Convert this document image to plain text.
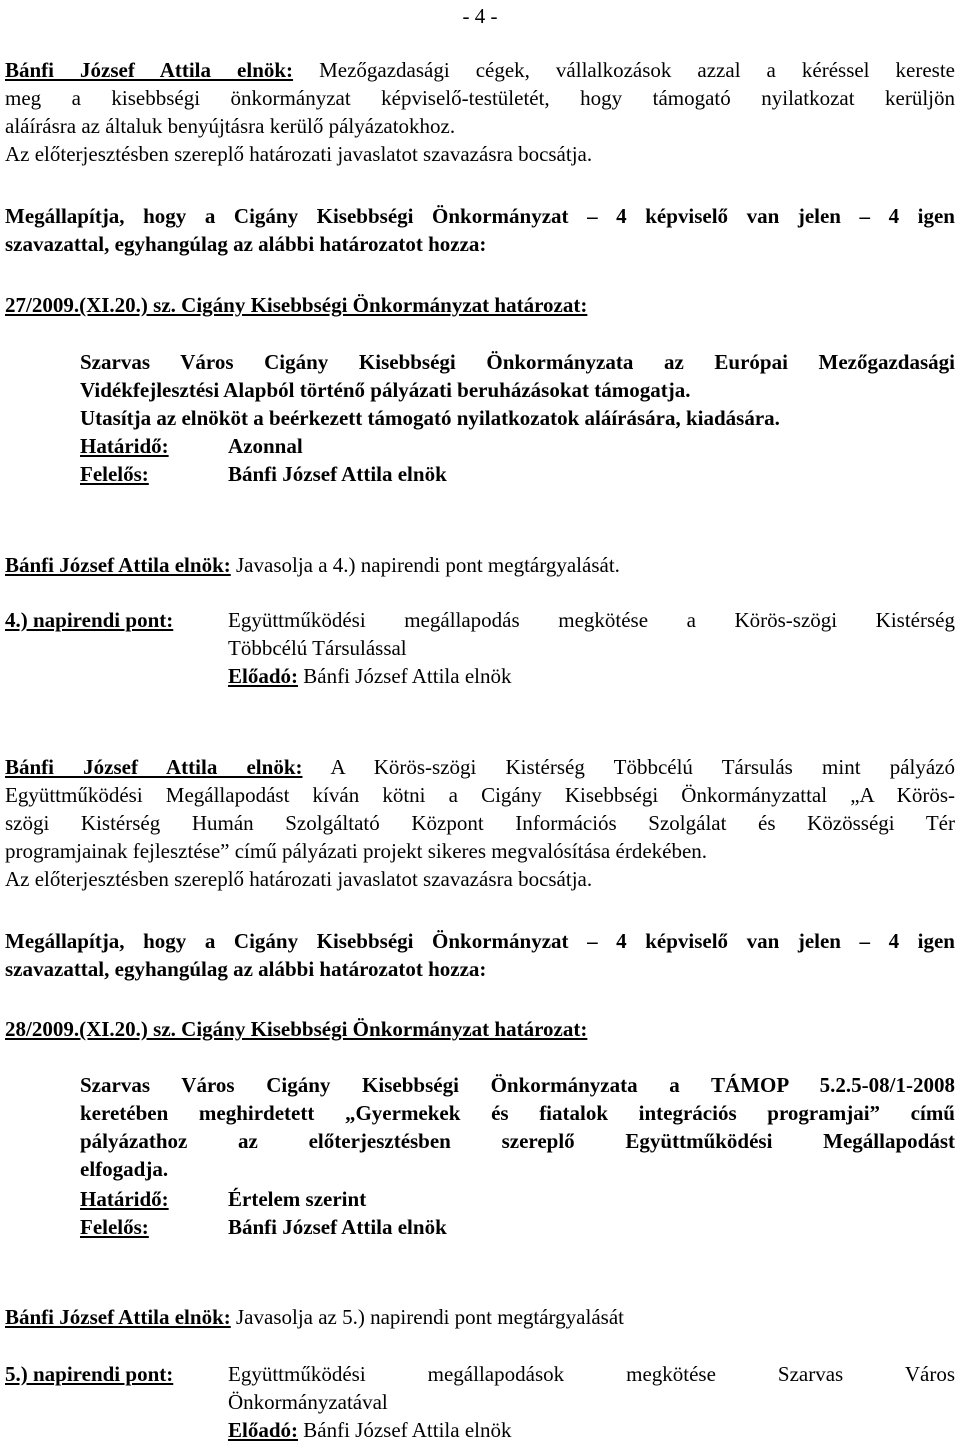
- 4 -
Bánfi József Attila elnök: Mezőgazdasági cégek, vállalkozások azzal a kéréssel kereste
meg a kisebbségi önkormányzat képviselő-testületét, hogy támogató nyilatkozat kerüljön
aláírásra az általuk benyújtásra kerülő pályázatokhoz.
Az előterjesztésben szereplő határozati javaslatot szavazásra bocsátja.
Megállapítja, hogy a Cigány Kisebbségi Önkormányzat – 4 képviselő van jelen – 4 igen
szavazattal, egyhangúlag az alábbi határozatot hozza:
27/2009.(XI.20.) sz. Cigány Kisebbségi Önkormányzat határozat:
Szarvas Város Cigány Kisebbségi Önkormányzata az Európai Mezőgazdasági
Vidékfejlesztési Alapból történő pályázati beruházásokat támogatja.
Utasítja az elnököt a beérkezett támogató nyilatkozatok aláírására, kiadására.
Határidő:	Azonnal
Felelős:	Bánfi József Attila elnök
Bánfi József Attila elnök: Javasolja a 4.) napirendi pont megtárgyalását.
4.) napirendi pont:	Együttműködési megállapodás megkötése a Körös-szögi Kistérség
Többcélú Társulással
Előadó: Bánfi József Attila elnök
Bánfi József Attila elnök: A Körös-szögi Kistérség Többcélú Társulás mint pályázó
Együttműködési Megállapodást kíván kötni a Cigány Kisebbségi Önkormányzattal „A Körös-
szögi Kistérség Humán Szolgáltató Központ Információs Szolgálat és Közösségi Tér
programjainak fejlesztése” című pályázati projekt sikeres megvalósítása érdekében.
Az előterjesztésben szereplő határozati javaslatot szavazásra bocsátja.
Megállapítja, hogy a Cigány Kisebbségi Önkormányzat – 4 képviselő van jelen – 4 igen
szavazattal, egyhangúlag az alábbi határozatot hozza:
28/2009.(XI.20.) sz. Cigány Kisebbségi Önkormányzat határozat:
Szarvas Város Cigány Kisebbségi Önkormányzata a TÁMOP 5.2.5-08/1-2008
keretében meghirdetett „Gyermekek és fiatalok integrációs programjai” című
pályázathoz az előterjesztésben szereplő Együttműködési Megállapodást
elfogadja.
Határidő:	Értelem szerint
Felelős:	Bánfi József Attila elnök
Bánfi József Attila elnök: Javasolja az 5.) napirendi pont megtárgyalását
5.) napirendi pont:	Együttműködési megállapodások megkötése Szarvas Város
Önkormányzatával
Előadó: Bánfi József Attila elnök
